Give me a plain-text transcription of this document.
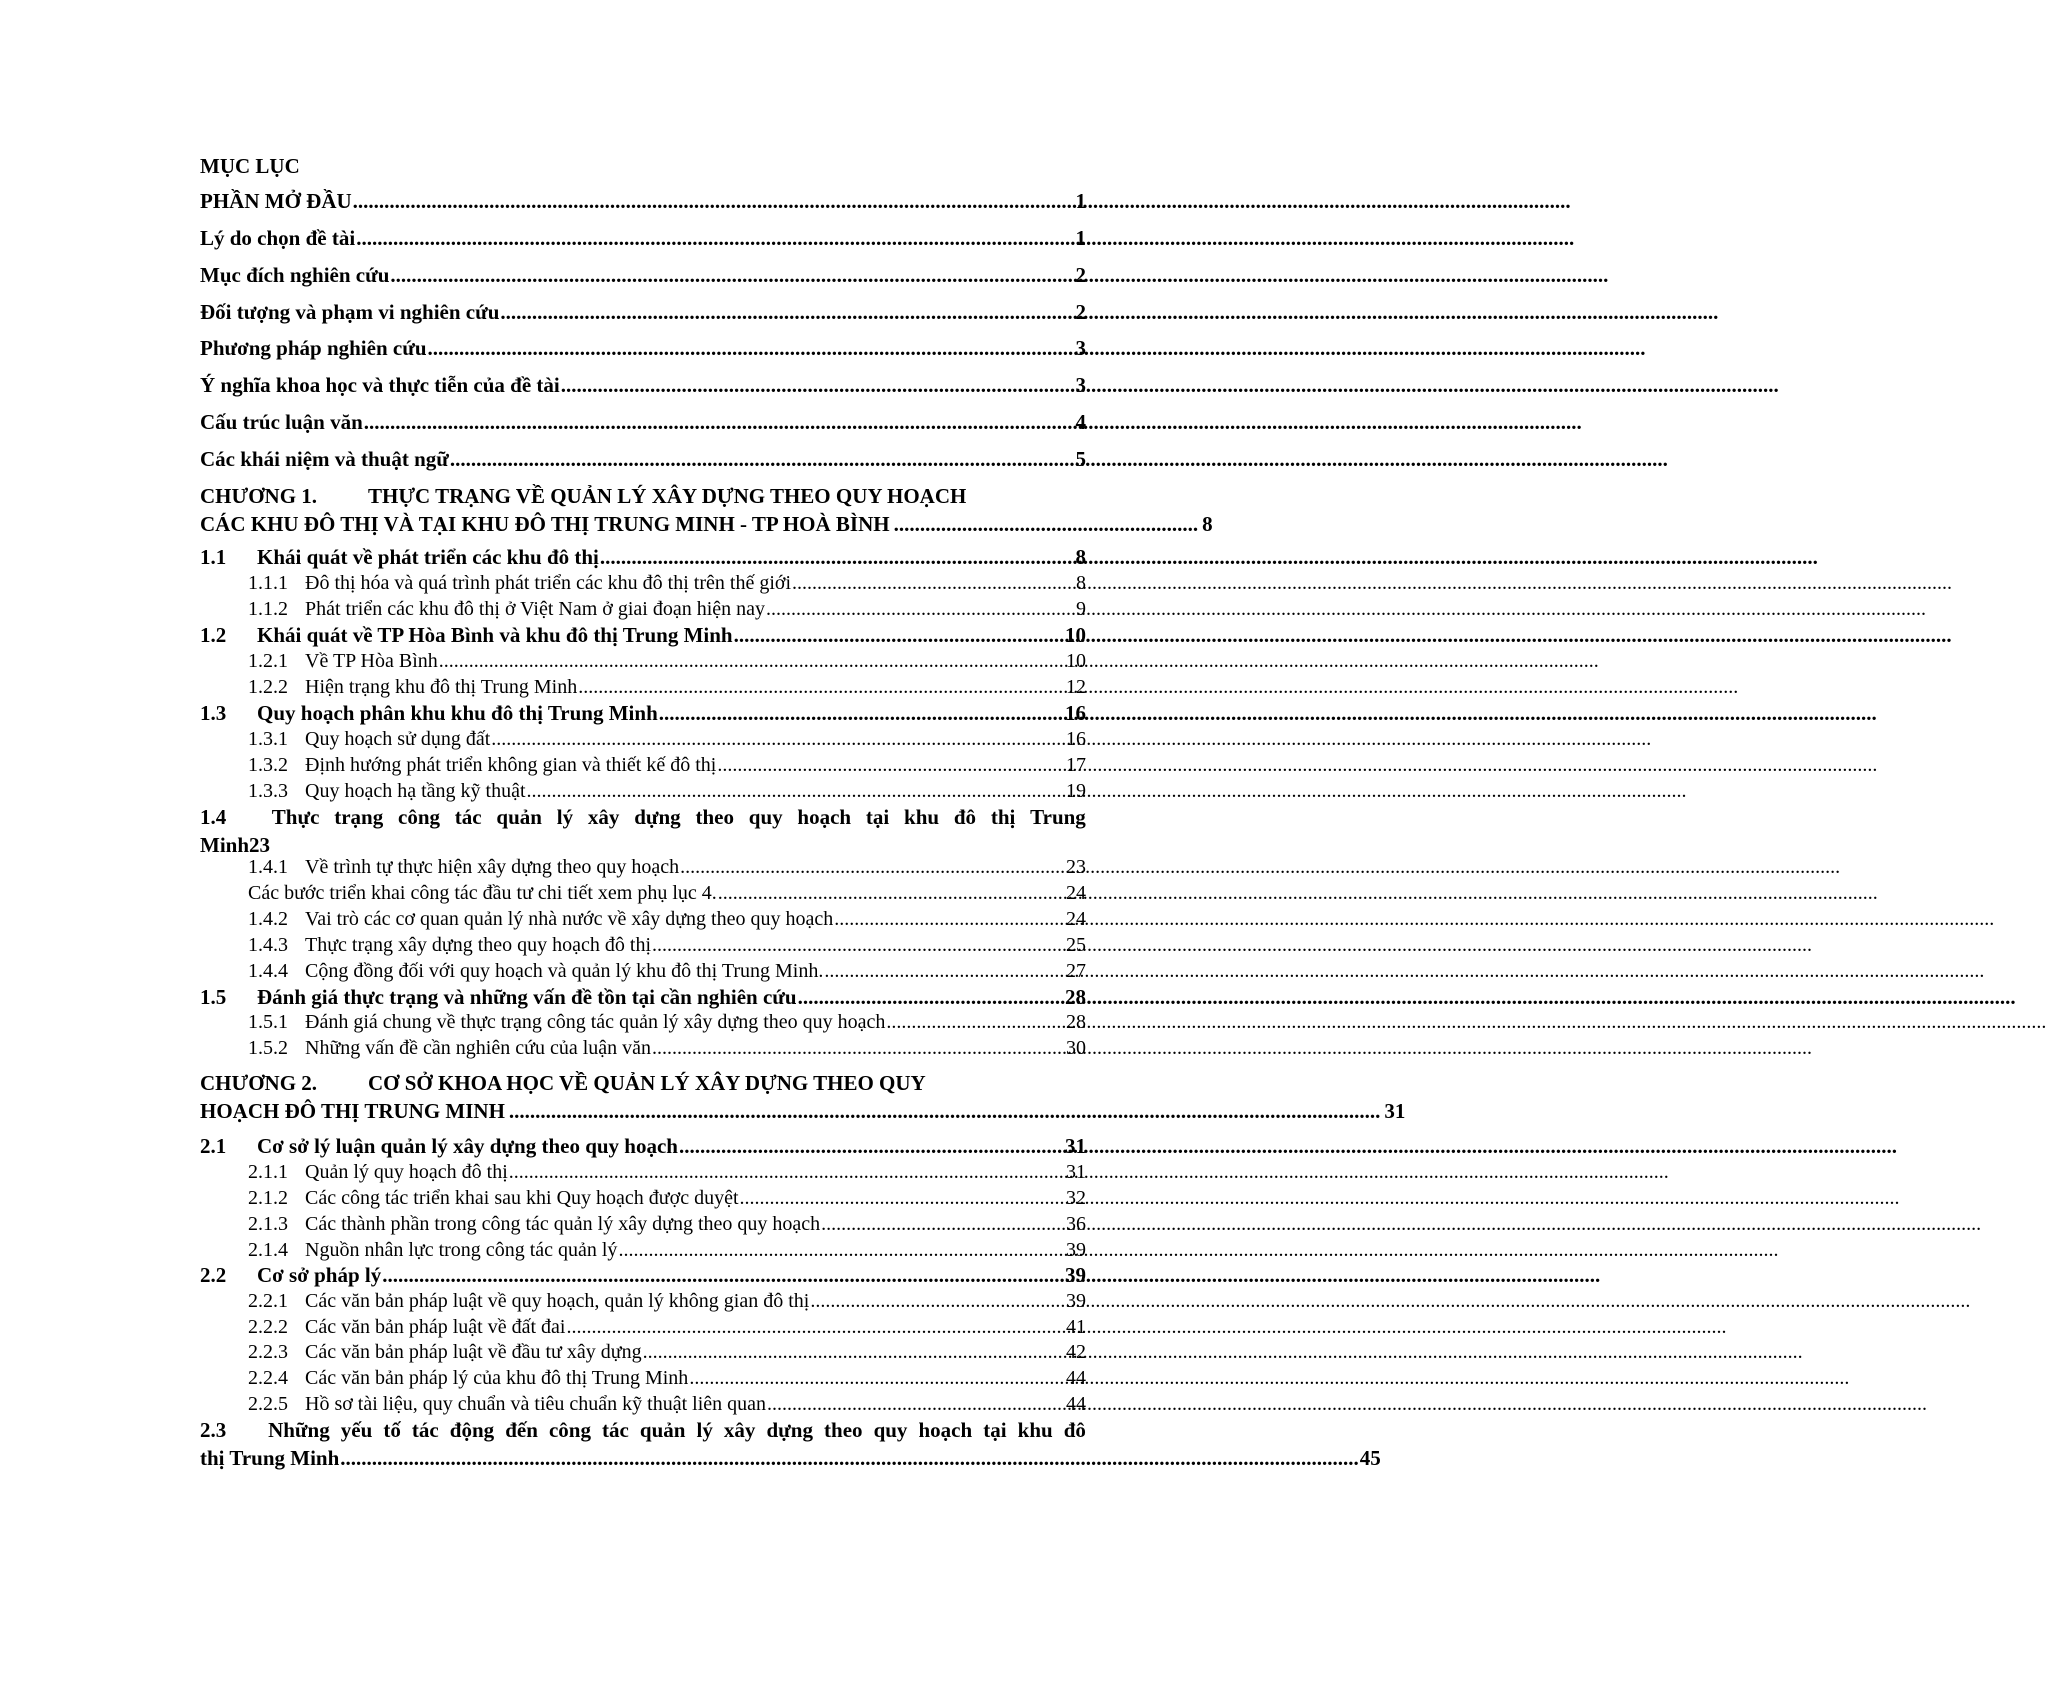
MỤC LỤC
PHẦN MỞ ĐẦU .....	1
Lý do chọn đề tài .....	1
Mục đích nghiên cứu .....	2
Đối tượng và phạm vi nghiên cứu .....	2
Phương pháp nghiên cứu .....	3
Ý nghĩa khoa học và thực tiễn của đề tài .....	3
Cấu trúc luận văn .....	4
Các khái niệm và thuật ngữ .....	5
CHƯƠNG 1. THỰC TRẠNG VỀ QUẢN LÝ XÂY DỰNG THEO QUY HOẠCH
CÁC KHU ĐÔ THỊ VÀ TẠI KHU ĐÔ THỊ TRUNG MINH - TP HOÀ BÌNH .......................................................... 8
1.1	Khái quát về phát triển các khu đô thị .....	8
1.1.1 Đô thị hóa và quá trình phát triển các khu đô thị trên thế giới .....	8
1.1.2 Phát triển các khu đô thị ở Việt Nam ở giai đoạn hiện nay .....	9
1.2	Khái quát về TP Hòa Bình và khu đô thị Trung Minh .....	10
1.2.1 Về TP Hòa Bình .....	10
1.2.2 Hiện trạng khu đô thị Trung Minh .....	12
1.3	Quy hoạch phân khu khu đô thị Trung Minh .....	16
1.3.1 Quy hoạch sử dụng đất .....	16
1.3.2 Định hướng phát triển không gian và thiết kế đô thị .....	17
1.3.3 Quy hoạch hạ tầng kỹ thuật .....	19
1.4	Thực trạng công tác quản lý xây dựng theo quy hoạch tại khu đô thị Trung
Minh23
1.4.1 Về trình tự thực hiện xây dựng theo quy hoạch .....	23
Các bước triển khai công tác đầu tư chi tiết xem phụ lục 4. .....	24
1.4.2 Vai trò các cơ quan quản lý nhà nước về xây dựng theo quy hoạch .....	24
1.4.3 Thực trạng xây dựng theo quy hoạch đô thị .....	25
1.4.4 Cộng đồng đối với quy hoạch và quản lý khu đô thị Trung Minh. .....	27
1.5	Đánh giá thực trạng và những vấn đề tồn tại cần nghiên cứu .....	28
1.5.1 Đánh giá chung về thực trạng công tác quản lý xây dựng theo quy hoạch .....	28
1.5.2 Những vấn đề cần nghiên cứu của luận văn .....	30
CHƯƠNG 2. CƠ SỞ KHOA HỌC VỀ QUẢN LÝ XÂY DỰNG THEO QUY
HOẠCH ĐÔ THỊ TRUNG MINH ...................................................................................................................................................................... 31
2.1	Cơ sở lý luận quản lý xây dựng theo quy hoạch .....	31
2.1.1 Quản lý quy hoạch đô thị .....	31
2.1.2 Các công tác triển khai sau khi Quy hoạch được duyệt .....	32
2.1.3 Các thành phần trong công tác quản lý xây dựng theo quy hoạch .....	36
2.1.4 Nguồn nhân lực trong công tác quản lý .....	39
2.2	Cơ sở pháp lý .....	39
2.2.1 Các văn bản pháp luật về quy hoạch, quản lý không gian đô thị .....	39
2.2.2 Các văn bản pháp luật về đất đai .....	41
2.2.3 Các văn bản pháp luật về đầu tư xây dựng .....	42
2.2.4 Các văn bản pháp lý của khu đô thị Trung Minh .....	44
2.2.5 Hồ sơ tài liệu, quy chuẩn và tiêu chuẩn kỹ thuật liên quan .....	44
2.3	Những yếu tố tác động đến công tác quản lý xây dựng theo quy hoạch tại khu đô
thị Trung Minh .................................................................................................................................................................................................. 45
